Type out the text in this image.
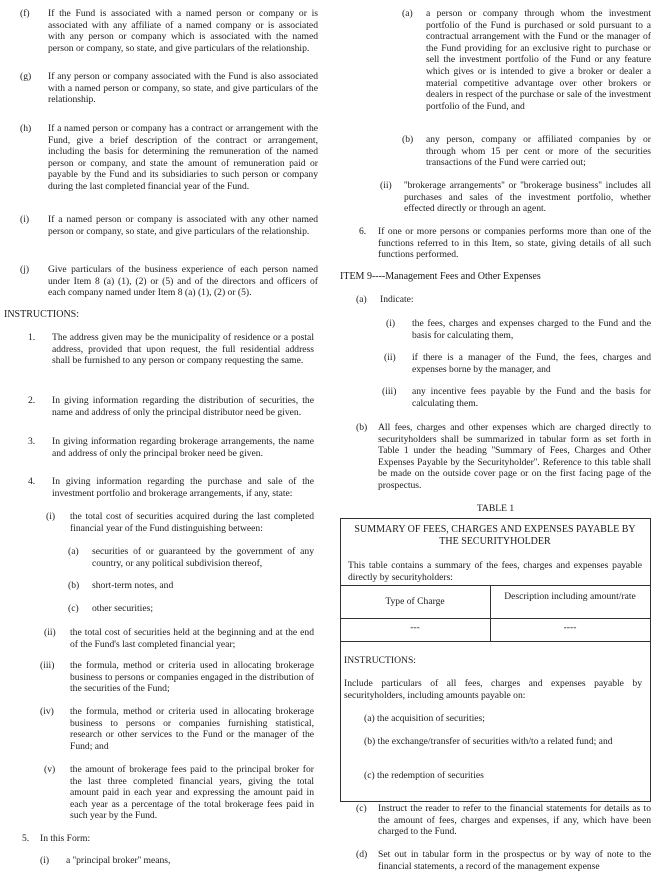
(f) If the Fund is associated with a named person or company or is associated with any affiliate of a named company or is associated with any person or company which is associated with the named person or company, so state, and give particulars of the relationship.

(g) If any person or company associated with the Fund is also associated with a named person or company, so state, and give particulars of the relationship.

(h) If a named person or company has a contract or arrangement with the Fund, give a brief description of the contract or arrangement, including the basis for determining the remuneration of the named person or company, and state the amount of remuneration paid or payable by the Fund and its subsidiaries to such person or company during the last completed financial year of the Fund.

(i) If a named person or company is associated with any other named person or company, so state, and give particulars of the relationship.

(j) Give particulars of the business experience of each person named under Item 8 (a) (1), (2) or (5) and of the directors and officers of each company named under Item 8 (a) (1), (2) or (5).

INSTRUCTIONS:

1. The address given may be the municipality of residence or a postal address, provided that upon request, the full residential address shall be furnished to any person or company requesting the same.

2. In giving information regarding the distribution of securities, the name and address of only the principal distributor need be given.

3. In giving information regarding brokerage arrangements, the name and address of only the principal broker need be given.

4. In giving information regarding the purchase and sale of the investment portfolio and brokerage arrangements, if any, state:

(i) the total cost of securities acquired during the last completed financial year of the Fund distinguishing between:

(a) securities of or guaranteed by the government of any country, or any political subdivision thereof,

(b) short-term notes, and

(c) other securities;

(ii) the total cost of securities held at the beginning and at the end of the Fund's last completed financial year;

(iii) the formula, method or criteria used in allocating brokerage business to persons or companies engaged in the distribution of the securities of the Fund;

(iv) the formula, method or criteria used in allocating brokerage business to persons or companies furnishing statistical, research or other services to the Fund or the manager of the Fund; and

(v) the amount of brokerage fees paid to the principal broker for the last three completed financial years, giving the total amount paid in each year and expressing the amount paid in each year as a percentage of the total brokerage fees paid in such year by the Fund.

5. In this Form:

(i) a ''principal broker'' means,

(a) a person or company through whom the investment portfolio of the Fund is purchased or sold pursuant to a contractual arrangement with the Fund or the manager of the Fund providing for an exclusive right to purchase or sell the investment portfolio of the Fund or any feature which gives or is intended to give a broker or dealer a material competitive advantage over other brokers or dealers in respect of the purchase or sale of the investment portfolio of the Fund, and

(b) any person, company or affiliated companies by or through whom 15 per cent or more of the securities transactions of the Fund were carried out;

(ii) ''brokerage arrangements'' or ''brokerage business'' includes all purchases and sales of the investment portfolio, whether effected directly or through an agent.

6. If one or more persons or companies performs more than one of the functions referred to in this Item, so state, giving details of all such functions performed.

ITEM 9----Management Fees and Other Expenses

(a) Indicate:

(i) the fees, charges and expenses charged to the Fund and the basis for calculating them,

(ii) if there is a manager of the Fund, the fees, charges and expenses borne by the manager, and

(iii) any incentive fees payable by the Fund and the basis for calculating them.

(b) All fees, charges and other expenses which are charged directly to securityholders shall be summarized in tabular form as set forth in Table 1 under the heading ''Summary of Fees, Charges and Other Expenses Payable by the Securityholder''. Reference to this table shall be made on the outside cover page or on the first facing page of the prospectus.

TABLE 1

SUMMARY OF FEES, CHARGES AND EXPENSES PAYABLE BY THE SECURITYHOLDER

This table contains a summary of the fees, charges and expenses payable directly by securityholders:

Type of Charge	Description including amount/rate

---	----

INSTRUCTIONS:

Include particulars of all fees, charges and expenses payable by securityholders, including amounts payable on:

(a) the acquisition of securities;

(b) the exchange/transfer of securities with/to a related fund; and

(c) the redemption of securities

(c) Instruct the reader to refer to the financial statements for details as to the amount of fees, charges and expenses, if any, which have been charged to the Fund.

(d) Set out in tabular form in the prospectus or by way of note to the financial statements, a record of the management expense
